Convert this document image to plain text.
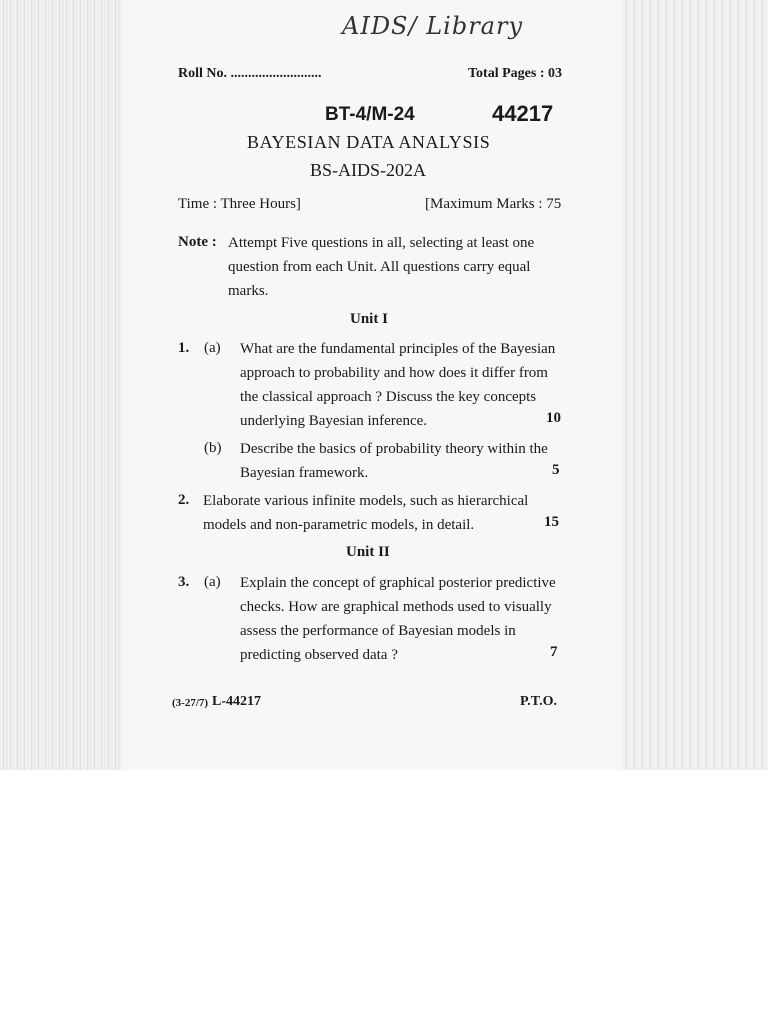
AIDS/ Library
Roll No. ..........................	Total Pages : 03
BT-4/M-24	44217
BAYESIAN DATA ANALYSIS
BS-AIDS-202A
Time : Three Hours]	[Maximum Marks : 75
Note : Attempt Five questions in all, selecting at least one
question from each Unit. All questions carry equal
marks.
Unit I
1. (a) What are the fundamental principles of the Bayesian
approach to probability and how does it differ from
the classical approach ? Discuss the key concepts
underlying Bayesian inference.	10
(b) Describe the basics of probability theory within the
Bayesian framework.	5
2. Elaborate various infinite models, such as hierarchical
models and non-parametric models, in detail.	15
Unit II
3. (a) Explain the concept of graphical posterior predictive
checks. How are graphical methods used to visually
assess the performance of Bayesian models in
predicting observed data ?	7
(3-27/7) L-44217	P.T.O.
